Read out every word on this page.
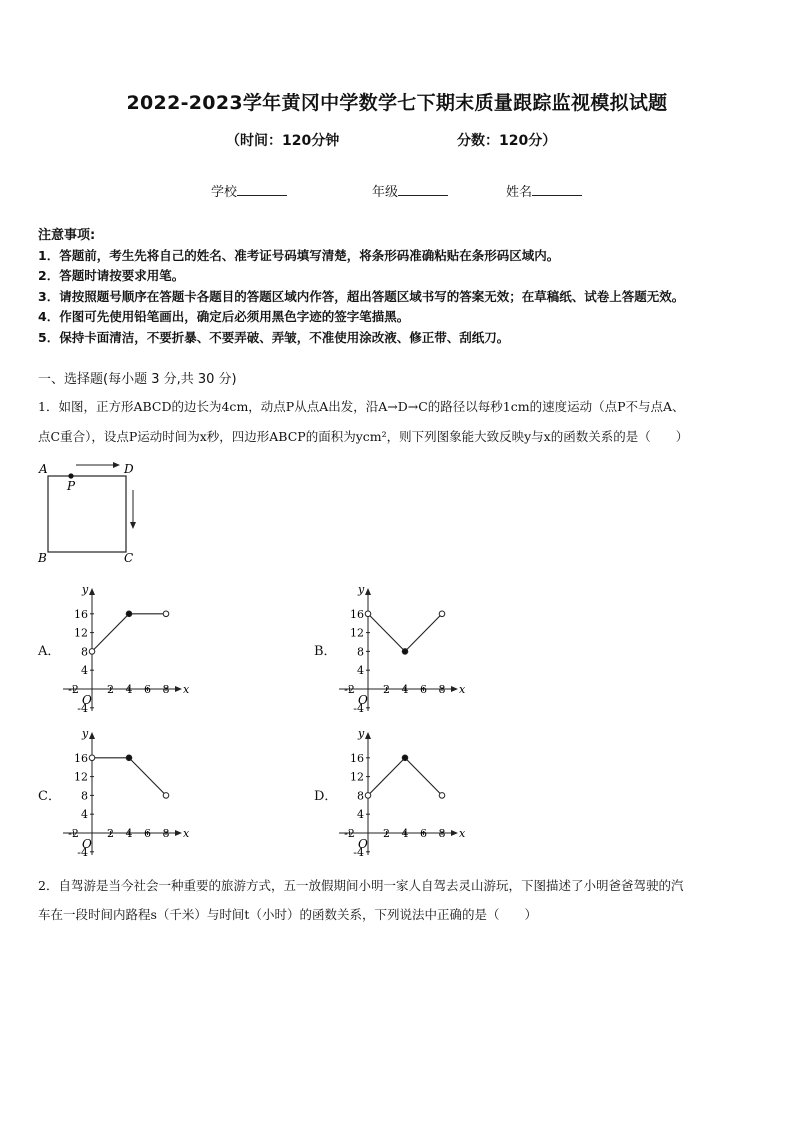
2022-2023学年黄冈中学数学七下期末质量跟踪监视模拟试题
（时间：120分钟	分数：120分）
学校	年级	姓名
注意事项:
1．答题前，考生先将自己的姓名、准考证号码填写清楚，将条形码准确粘贴在条形码区域内。
2．答题时请按要求用笔。
3．请按照题号顺序在答题卡各题目的答题区域内作答，超出答题区域书写的答案无效；在草稿纸、试卷上答题无效。
4．作图可先使用铅笔画出，确定后必须用黑色字迹的签字笔描黑。
5．保持卡面清洁，不要折暴、不要弄破、弄皱，不准使用涂改液、修正带、刮纸刀。
一、选择题(每小题 3 分,共 30 分)
1．如图，正方形ABCD的边长为4cm，动点P从点A出发，沿A→D→C的路径以每秒1cm的速度运动（点P不与点A、
点C重合），设点P运动时间为x秒，四边形ABCP的面积为ycm²，则下列图象能大致反映y与x的函数关系的是（　　）
A	D
P
B	C
A．	B．
C．	D．
y
x
O
16
12
8
4
-4
-2	2 4 6 8
y
x
O
16
12
8
4
-4
-2	2 4 6 8
y
x
O
16
12
8
4
-4
-2	2 4 6 8
y
x
O
16
12
8
4
-4
-2	2 4 6 8
2．自驾游是当今社会一种重要的旅游方式，五一放假期间小明一家人自驾去灵山游玩，下图描述了小明爸爸驾驶的汽
车在一段时间内路程s（千米）与时间t（小时）的函数关系，下列说法中正确的是（　　）
